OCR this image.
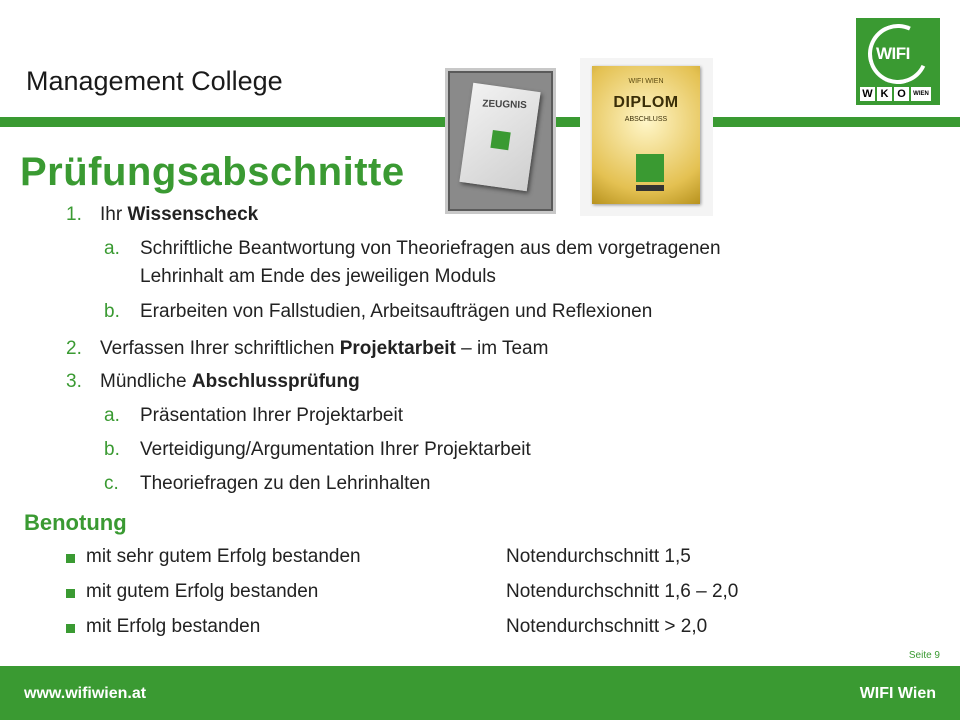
Management College
ZEUGNIS
WIFI WIEN
DIPLOM
ABSCHLUSS
WIFI
W K O	WIEN
Prüfungsabschnitte
1. Ihr Wissenscheck
a. Schriftliche Beantwortung von Theoriefragen aus dem vorgetragenen
Lehrinhalt am Ende des jeweiligen Moduls
b. Erarbeiten von Fallstudien, Arbeitsaufträgen und Reflexionen
2. Verfassen Ihrer schriftlichen Projektarbeit – im Team
3. Mündliche Abschlussprüfung
a. Präsentation Ihrer Projektarbeit
b. Verteidigung/Argumentation Ihrer Projektarbeit
c. Theoriefragen zu den Lehrinhalten
Benotung
mit sehr gutem Erfolg bestanden	Notendurchschnitt 1,5
mit gutem Erfolg bestanden	Notendurchschnitt 1,6 – 2,0
mit Erfolg bestanden	Notendurchschnitt > 2,0
Seite 9
www.wifiwien.at	WIFI Wien
